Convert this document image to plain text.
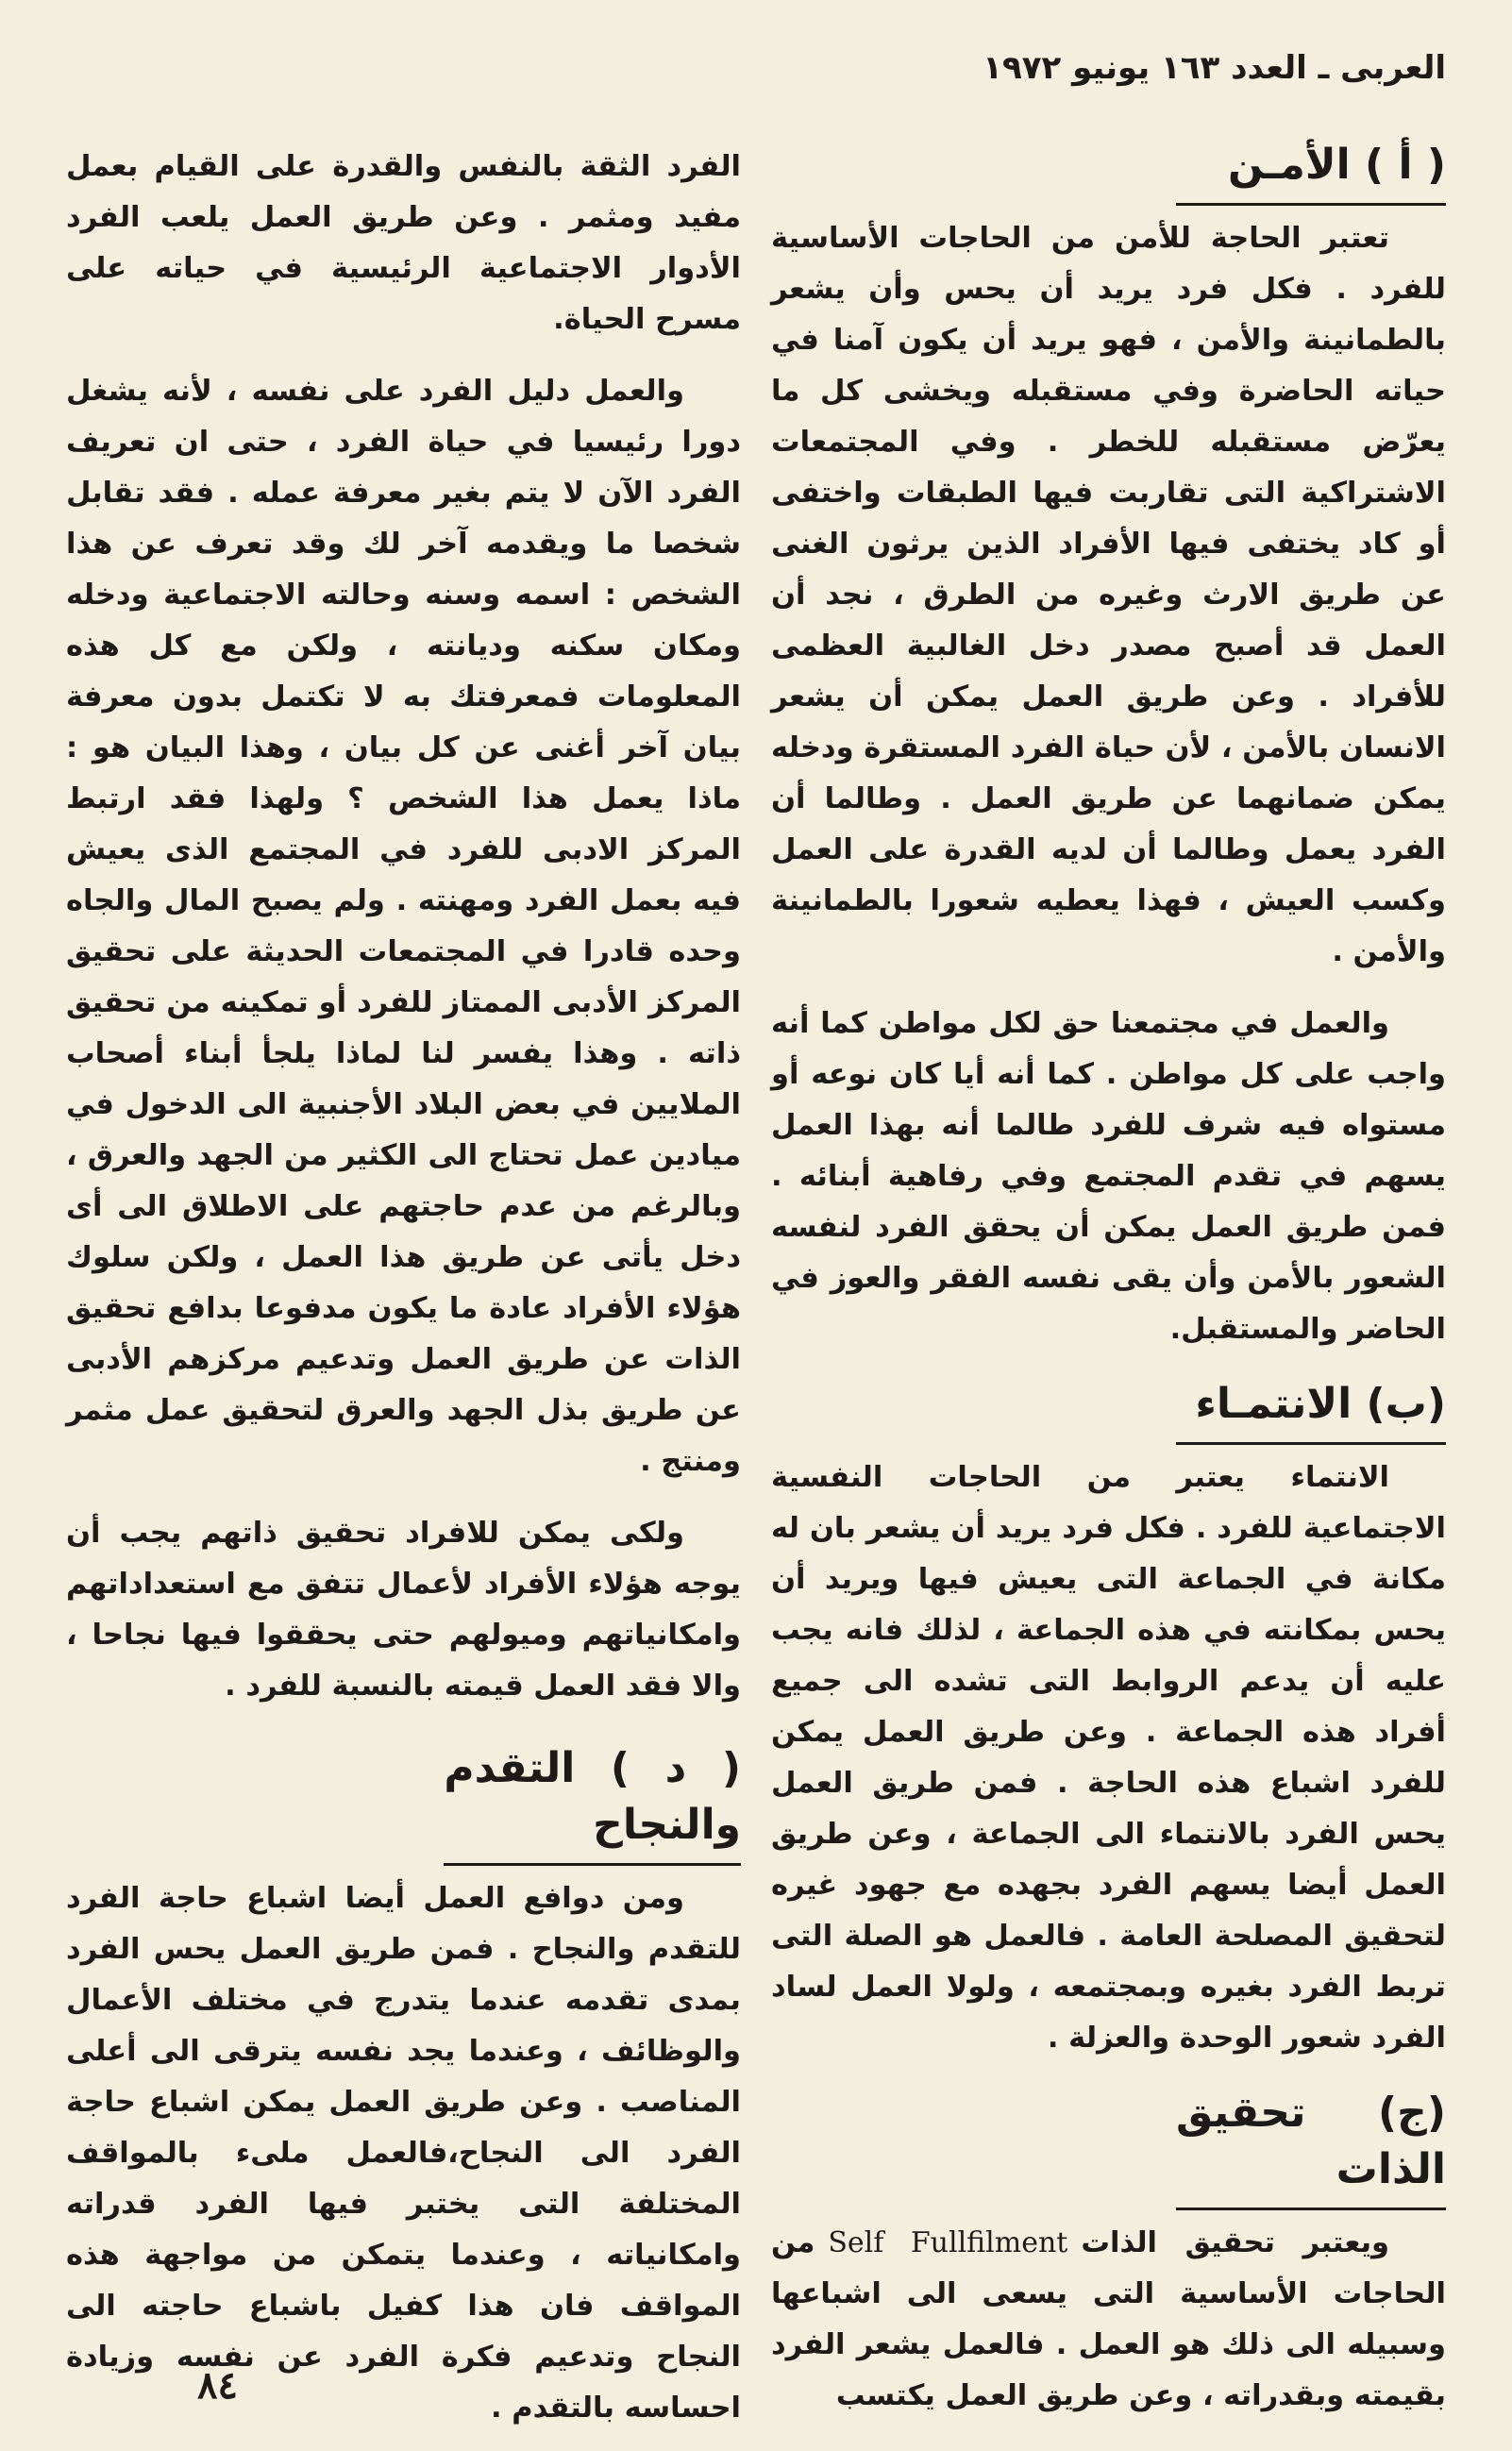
العربى ـ العدد ١٦٣ يونيو ١٩٧٢
( أ ) الأمـن

تعتبر الحاجة للأمن من الحاجات الأساسية للفرد . فكل فرد يريد أن يحس وأن يشعر بالطمانينة والأمن ، فهو يريد أن يكون آمنا في حياته الحاضرة وفي مستقبله ويخشى كل ما يعرّض مستقبله للخطر . وفي المجتمعات الاشتراكية التى تقاربت فيها الطبقات واختفى أو كاد يختفى فيها الأفراد الذين يرثون الغنى عن طريق الارث وغيره من الطرق ، نجد أن العمل قد أصبح مصدر دخل الغالبية العظمى للأفراد . وعن طريق العمل يمكن أن يشعر الانسان بالأمن ، لأن حياة الفرد المستقرة ودخله يمكن ضمانهما عن طريق العمل . وطالما أن الفرد يعمل وطالما أن لديه القدرة على العمل وكسب العيش ، فهذا يعطيه شعورا بالطمانينة والأمن .

والعمل في مجتمعنا حق لكل مواطن كما أنه واجب على كل مواطن . كما أنه أيا كان نوعه أو مستواه فيه شرف للفرد طالما أنه بهذا العمل يسهم في تقدم المجتمع وفي رفاهية أبنائه . فمن طريق العمل يمكن أن يحقق الفرد لنفسه الشعور بالأمن وأن يقى نفسه الفقر والعوز في الحاضر والمستقبل.

(ب) الانتمـاء

الانتماء يعتبر من الحاجات النفسية الاجتماعية للفرد . فكل فرد يريد أن يشعر بان له مكانة في الجماعة التى يعيش فيها ويريد أن يحس بمكانته في هذه الجماعة ، لذلك فانه يجب عليه أن يدعم الروابط التى تشده الى جميع أفراد هذه الجماعة . وعن طريق العمل يمكن للفرد اشباع هذه الحاجة . فمن طريق العمل يحس الفرد بالانتماء الى الجماعة ، وعن طريق العمل أيضا يسهم الفرد بجهده مع جهود غيره لتحقيق المصلحة العامة . فالعمل هو الصلة التى تربط الفرد بغيره وبمجتمعه ، ولولا العمل لساد الفرد شعور الوحدة والعزلة .

(ج) تحقيق الذات

ويعتبر تحقيق الذاتSelf Fullfilmentمن الحاجات الأساسية التى يسعى الى اشباعها وسبيله الى ذلك هو العمل . فالعمل يشعر الفرد بقيمته وبقدراته ، وعن طريق العمل يكتسب

الفرد الثقة بالنفس والقدرة على القيام بعمل مفيد ومثمر . وعن طريق العمل يلعب الفرد الأدوار الاجتماعية الرئيسية في حياته على مسرح الحياة.

والعمل دليل الفرد على نفسه ، لأنه يشغل دورا رئيسيا في حياة الفرد ، حتى ان تعريف الفرد الآن لا يتم بغير معرفة عمله . فقد تقابل شخصا ما ويقدمه آخر لك وقد تعرف عن هذا الشخص : اسمه وسنه وحالته الاجتماعية ودخله ومكان سكنه وديانته ، ولكن مع كل هذه المعلومات فمعرفتك به لا تكتمل بدون معرفة بيان آخر أغنى عن كل بيان ، وهذا البيان هو : ماذا يعمل هذا الشخص ؟ ولهذا فقد ارتبط المركز الادبى للفرد في المجتمع الذى يعيش فيه بعمل الفرد ومهنته . ولم يصبح المال والجاه وحده قادرا في المجتمعات الحديثة على تحقيق المركز الأدبى الممتاز للفرد أو تمكينه من تحقيق ذاته . وهذا يفسر لنا لماذا يلجأ أبناء أصحاب الملايين في بعض البلاد الأجنبية الى الدخول في ميادين عمل تحتاج الى الكثير من الجهد والعرق ، وبالرغم من عدم حاجتهم على الاطلاق الى أى دخل يأتى عن طريق هذا العمل ، ولكن سلوك هؤلاء الأفراد عادة ما يكون مدفوعا بدافع تحقيق الذات عن طريق العمل وتدعيم مركزهم الأدبى عن طريق بذل الجهد والعرق لتحقيق عمل مثمر ومنتج .

ولكى يمكن للافراد تحقيق ذاتهم يجب أن يوجه هؤلاء الأفراد لأعمال تتفق مع استعداداتهم وامكانياتهم وميولهم حتى يحققوا فيها نجاحا ، والا فقد العمل قيمته بالنسبة للفرد .

( د ) التقدم والنجاح

ومن دوافع العمل أيضا اشباع حاجة الفرد للتقدم والنجاح . فمن طريق العمل يحس الفرد بمدى تقدمه عندما يتدرج في مختلف الأعمال والوظائف ، وعندما يجد نفسه يترقى الى أعلى المناصب . وعن طريق العمل يمكن اشباع حاجة الفرد الى النجاح،فالعمل ملىء بالمواقف المختلفة التى يختبر فيها الفرد قدراته وامكانياته ، وعندما يتمكن من مواجهة هذه المواقف فان هذا كفيل باشباع حاجته الى النجاح وتدعيم فكرة الفرد عن نفسه وزيادة احساسه بالتقدم .

٨٤
